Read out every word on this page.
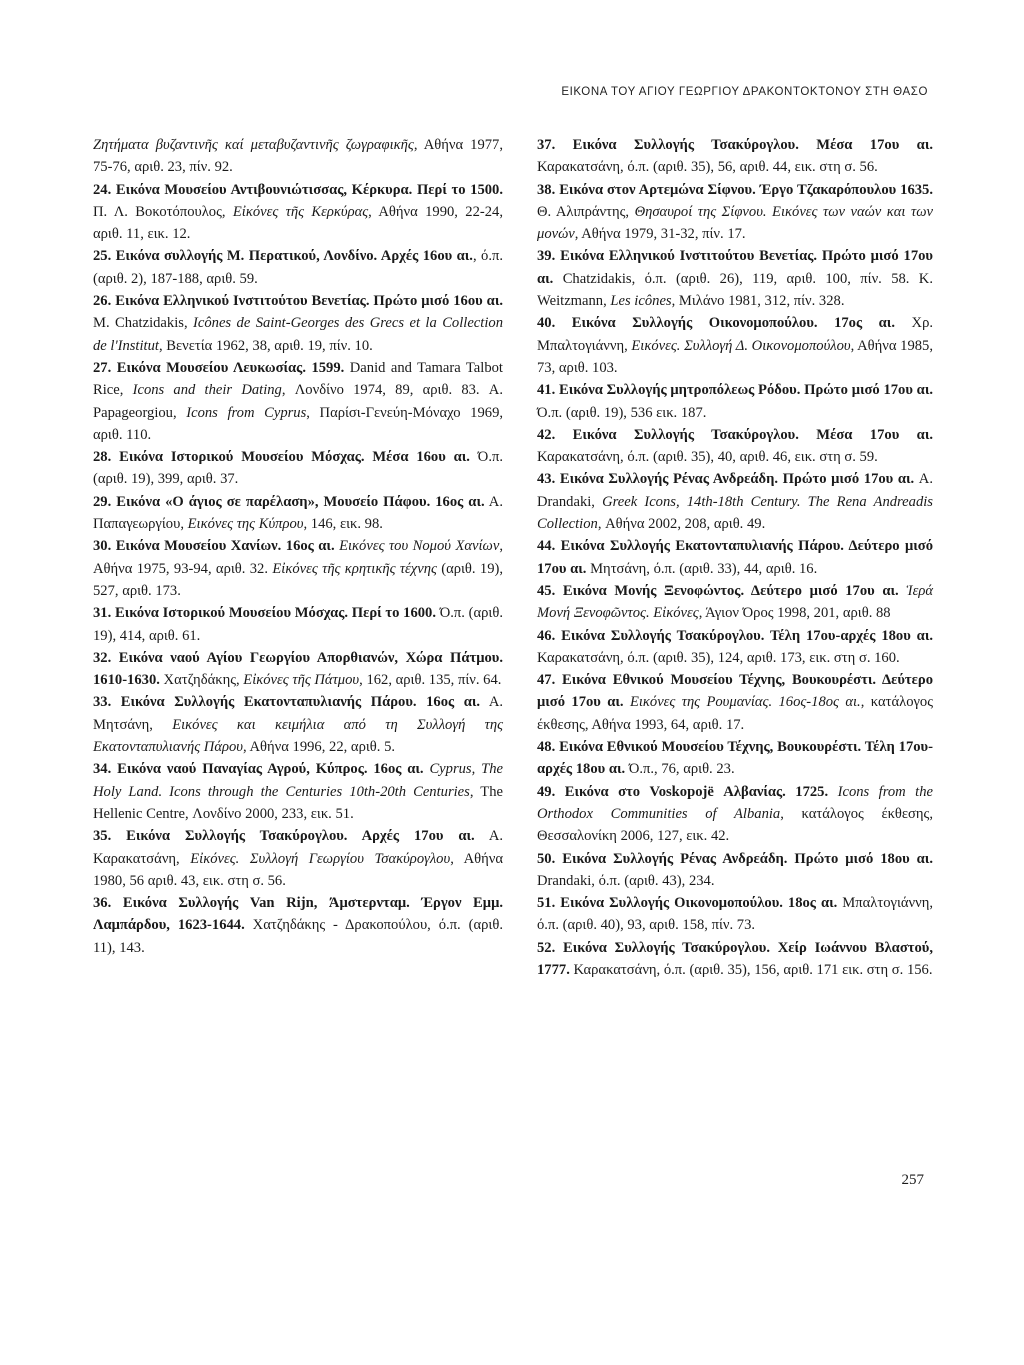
ΕΙΚΟΝΑ ΤΟΥ ΑΓΙΟΥ ΓΕΩΡΓΙΟΥ ΔΡΑΚΟΝΤΟΚΤΟΝΟΥ ΣΤΗ ΘΑΣΟ

Ζητήματα βυζαντινῆς καί μεταβυζαντινῆς ζωγραφικῆς, Αθήνα 1977, 75-76, αριθ. 23, πίν. 92.

24. Εικόνα Μουσείου Αντιβουνιώτισσας, Κέρκυρα. Περί το 1500. Π. Λ. Βοκοτόπουλος, Εἰκόνες τῆς Κερκύρας, Αθήνα 1990, 22-24, αριθ. 11, εικ. 12.

25. Εικόνα συλλογής Μ. Περατικού, Λονδίνο. Αρχές 16ου αι., ό.π. (αριθ. 2), 187-188, αριθ. 59.

26. Εικόνα Ελληνικού Ινστιτούτου Βενετίας. Πρώτο μισό 16ου αι. M. Chatzidakis, Icônes de Saint-Georges des Grecs et la Collection de l'Institut, Βενετία 1962, 38, αριθ. 19, πίν. 10.

27. Εικόνα Μουσείου Λευκωσίας. 1599. Danid and Tamara Talbot Rice, Icons and their Dating, Λονδίνο 1974, 89, αριθ. 83. A. Papageorgiou, Icons from Cyprus, Παρίσι-Γενεύη-Μόναχο 1969, αριθ. 110.

28. Εικόνα Ιστορικού Μουσείου Μόσχας. Μέσα 16ου αι. Ό.π. (αριθ. 19), 399, αριθ. 37.

29. Εικόνα «Ο άγιος σε παρέλαση», Μουσείο Πάφου. 16ος αι. Α. Παπαγεωργίου, Εικόνες της Κύπρου, 146, εικ. 98.

30. Εικόνα Μουσείου Χανίων. 16ος αι. Εικόνες του Νομού Χανίων, Αθήνα 1975, 93-94, αριθ. 32. Εἰκόνες τῆς κρητικῆς τέχνης (αριθ. 19), 527, αριθ. 173.

31. Εικόνα Ιστορικού Μουσείου Μόσχας. Περί το 1600. Ό.π. (αριθ. 19), 414, αριθ. 61.

32. Εικόνα ναού Αγίου Γεωργίου Απορθιανών, Χώρα Πάτμου. 1610-1630. Χατζηδάκης, Εἰκόνες τῆς Πάτμου, 162, αριθ. 135, πίν. 64.

33. Εικόνα Συλλογής Εκατονταπυλιανής Πάρου. 16ος αι. Α. Μητσάνη, Εικόνες και κειμήλια από τη Συλλογή της Εκατονταπυλιανής Πάρου, Αθήνα 1996, 22, αριθ. 5.

34. Εικόνα ναού Παναγίας Αγρού, Κύπρος. 16ος αι. Cyprus, The Holy Land. Icons through the Centuries 10th-20th Centuries, The Hellenic Centre, Λονδίνο 2000, 233, εικ. 51.

35. Εικόνα Συλλογής Τσακύρογλου. Αρχές 17ου αι. Α. Καρακατσάνη, Εἰκόνες. Συλλογή Γεωργίου Τσακύρογλου, Αθήνα 1980, 56 αριθ. 43, εικ. στη σ. 56.

36. Εικόνα Συλλογής Van Rijn, Άμστερνταμ. Έργον Εμμ. Λαμπάρδου, 1623-1644. Χατζηδάκης - Δρακοπούλου, ό.π. (αριθ. 11), 143.

37. Εικόνα Συλλογής Τσακύρογλου. Μέσα 17ου αι. Καρακατσάνη, ό.π. (αριθ. 35), 56, αριθ. 44, εικ. στη σ. 56.

38. Εικόνα στον Αρτεμώνα Σίφνου. Έργο Τζακαρόπουλου 1635. Θ. Αλιπράντης, Θησαυροί της Σίφνου. Εικόνες των ναών και των μονών, Αθήνα 1979, 31-32, πίν. 17.

39. Εικόνα Ελληνικού Ινστιτούτου Βενετίας. Πρώτο μισό 17ου αι. Chatzidakis, ό.π. (αριθ. 26), 119, αριθ. 100, πίν. 58. K. Weitzmann, Les icônes, Μιλάνο 1981, 312, πίν. 328.

40. Εικόνα Συλλογής Οικονομοπούλου. 17ος αι. Χρ. Μπαλτογιάννη, Εικόνες. Συλλογή Δ. Οικονομοπούλου, Αθήνα 1985, 73, αριθ. 103.

41. Εικόνα Συλλογής μητροπόλεως Ρόδου. Πρώτο μισό 17ου αι. Ό.π. (αριθ. 19), 536 εικ. 187.

42. Εικόνα Συλλογής Τσακύρογλου. Μέσα 17ου αι. Καρακατσάνη, ό.π. (αριθ. 35), 40, αριθ. 46, εικ. στη σ. 59.

43. Εικόνα Συλλογής Ρένας Ανδρεάδη. Πρώτο μισό 17ου αι. A. Drandaki, Greek Icons, 14th-18th Century. The Rena Andreadis Collection, Αθήνα 2002, 208, αριθ. 49.

44. Εικόνα Συλλογής Εκατονταπυλιανής Πάρου. Δεύτερο μισό 17ου αι. Μητσάνη, ό.π. (αριθ. 33), 44, αριθ. 16.

45. Εικόνα Μονής Ξενοφώντος. Δεύτερο μισό 17ου αι. Ἱερά Μονή Ξενοφῶντος. Εἰκόνες, Άγιον Όρος 1998, 201, αριθ. 88

46. Εικόνα Συλλογής Τσακύρογλου. Τέλη 17ου-αρχές 18ου αι. Καρακατσάνη, ό.π. (αριθ. 35), 124, αριθ. 173, εικ. στη σ. 160.

47. Εικόνα Εθνικού Μουσείου Τέχνης, Βουκουρέστι. Δεύτερο μισό 17ου αι. Εικόνες της Ρουμανίας. 16ος-18ος αι., κατάλογος έκθεσης, Αθήνα 1993, 64, αριθ. 17.

48. Εικόνα Εθνικού Μουσείου Τέχνης, Βουκουρέστι. Τέλη 17ου-αρχές 18ου αι. Ό.π., 76, αριθ. 23.

49. Εικόνα στο Voskopojë Αλβανίας. 1725. Icons from the Orthodox Communities of Albania, κατάλογος έκθεσης, Θεσσαλονίκη 2006, 127, εικ. 42.

50. Εικόνα Συλλογής Ρένας Ανδρεάδη. Πρώτο μισό 18ου αι. Drandaki, ό.π. (αριθ. 43), 234.

51. Εικόνα Συλλογής Οικονομοπούλου. 18ος αι. Μπαλτογιάννη, ό.π. (αριθ. 40), 93, αριθ. 158, πίν. 73.

52. Εικόνα Συλλογής Τσακύρογλου. Χείρ Ιωάννου Βλαστού, 1777. Καρακατσάνη, ό.π. (αριθ. 35), 156, αριθ. 171 εικ. στη σ. 156.

257
